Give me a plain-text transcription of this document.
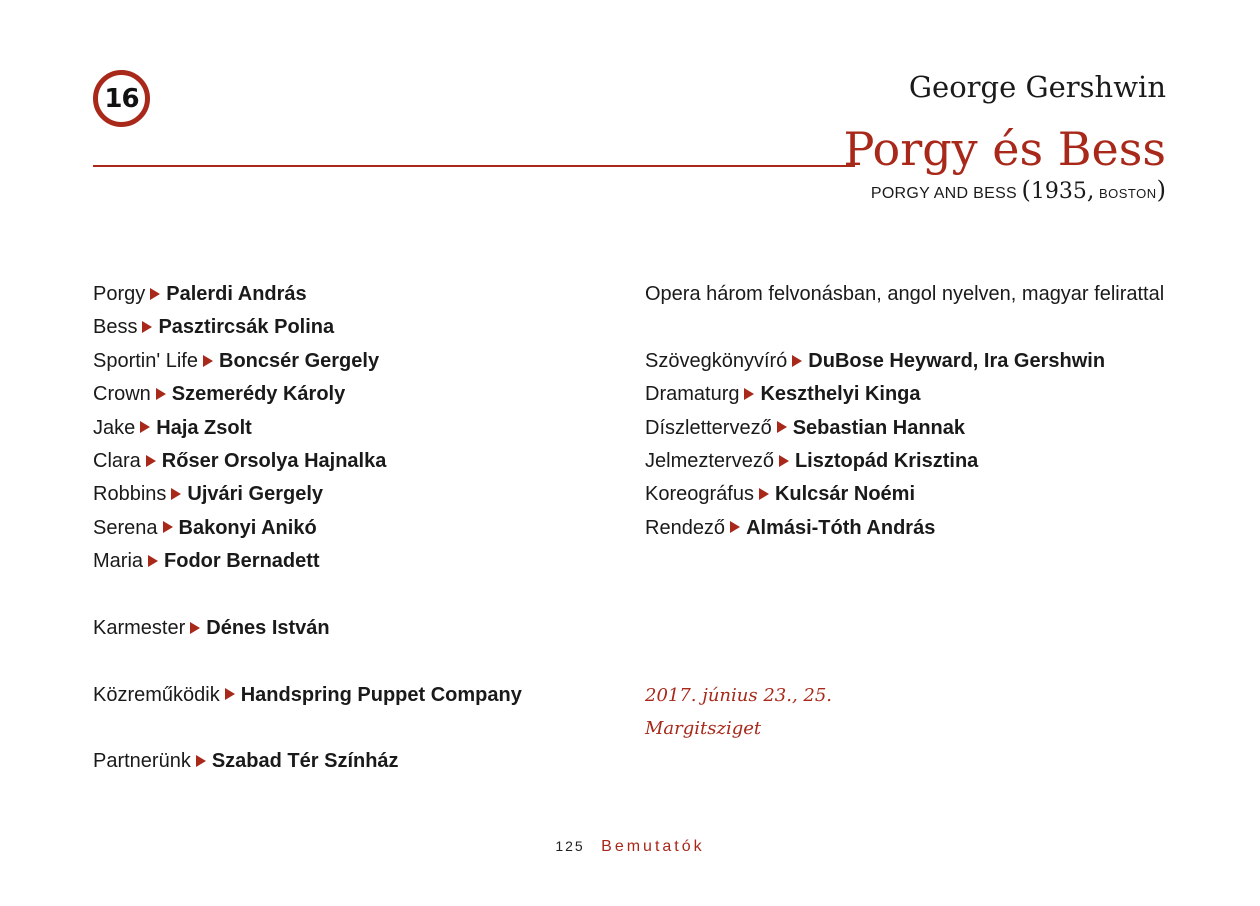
16	George Gershwin
Porgy és Bess
PORGY AND BESS (1935, BOSTON)
Porgy Palerdi András
Bess Pasztircsák Polina
Sportin' Life Boncsér Gergely
Crown Szemerédy Károly
Jake Haja Zsolt
Clara Rőser Orsolya Hajnalka
Robbins Ujvári Gergely
Serena Bakonyi Anikó
Maria Fodor Bernadett
Karmester Dénes István
Közreműködik Handspring Puppet Company
Partnerünk Szabad Tér Színház
Opera három felvonásban, angol nyelven, magyar felirattal
Szövegkönyvíró DuBose Heyward, Ira Gershwin
Dramaturg Keszthelyi Kinga
Díszlettervező Sebastian Hannak
Jelmeztervező Lisztopád Krisztina
Koreográfus Kulcsár Noémi
Rendező Almási-Tóth András
2017. június 23., 25.
Margitsziget
125 Bemutatók
